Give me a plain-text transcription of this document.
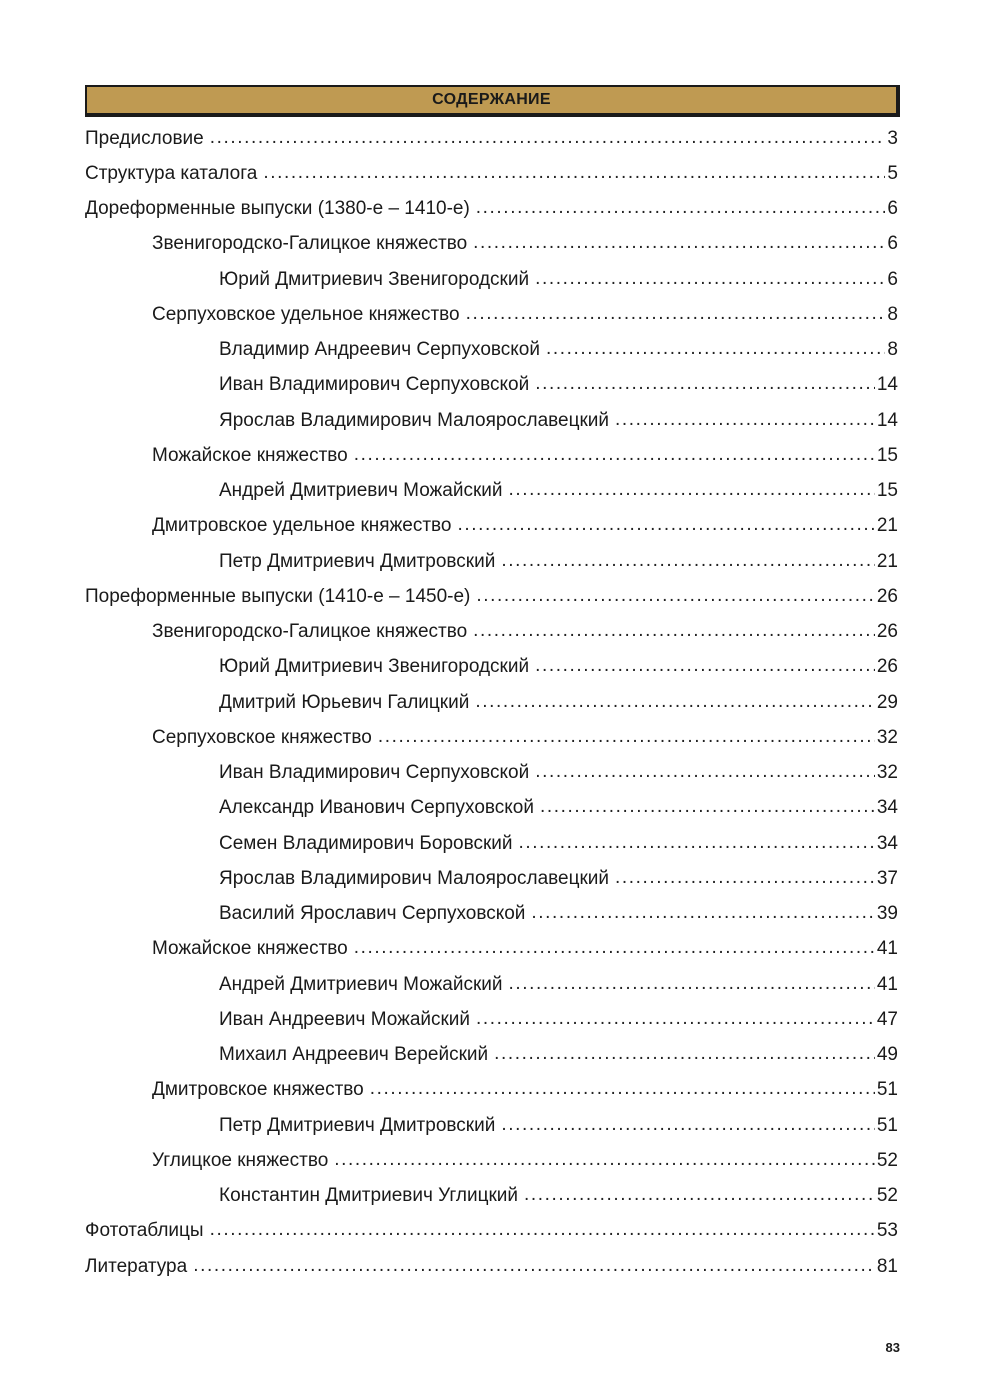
СОДЕРЖАНИЕ
Предисловие .....	3
Структура каталога .....	5
Дореформенные выпуски (1380-е – 1410-е) .....	6
Звенигородско-Галицкое княжество .....	6
Юрий Дмитриевич Звенигородский .....	6
Серпуховское удельное княжество .....	8
Владимир Андреевич Серпуховской .....	8
Иван Владимирович Серпуховской .....	14
Ярослав Владимирович Малоярославецкий .....	14
Можайское княжество .....	15
Андрей Дмитриевич Можайский .....	15
Дмитровское удельное княжество .....	21
Петр Дмитриевич Дмитровский .....	21
Пореформенные выпуски (1410-е – 1450-е) .....	26
Звенигородско-Галицкое княжество .....	26
Юрий Дмитриевич Звенигородский .....	26
Дмитрий Юрьевич Галицкий .....	29
Серпуховское княжество .....	32
Иван Владимирович Серпуховской .....	32
Александр Иванович Серпуховской .....	34
Семен Владимирович Боровский .....	34
Ярослав Владимирович Малоярославецкий .....	37
Василий Ярославич Серпуховской .....	39
Можайское княжество .....	41
Андрей Дмитриевич Можайский .....	41
Иван Андреевич Можайский .....	47
Михаил Андреевич Верейский .....	49
Дмитровское княжество .....	51
Петр Дмитриевич Дмитровский .....	51
Углицкое княжество .....	52
Константин Дмитриевич Углицкий .....	52
Фототаблицы .....	53
Литература .....	81
83
